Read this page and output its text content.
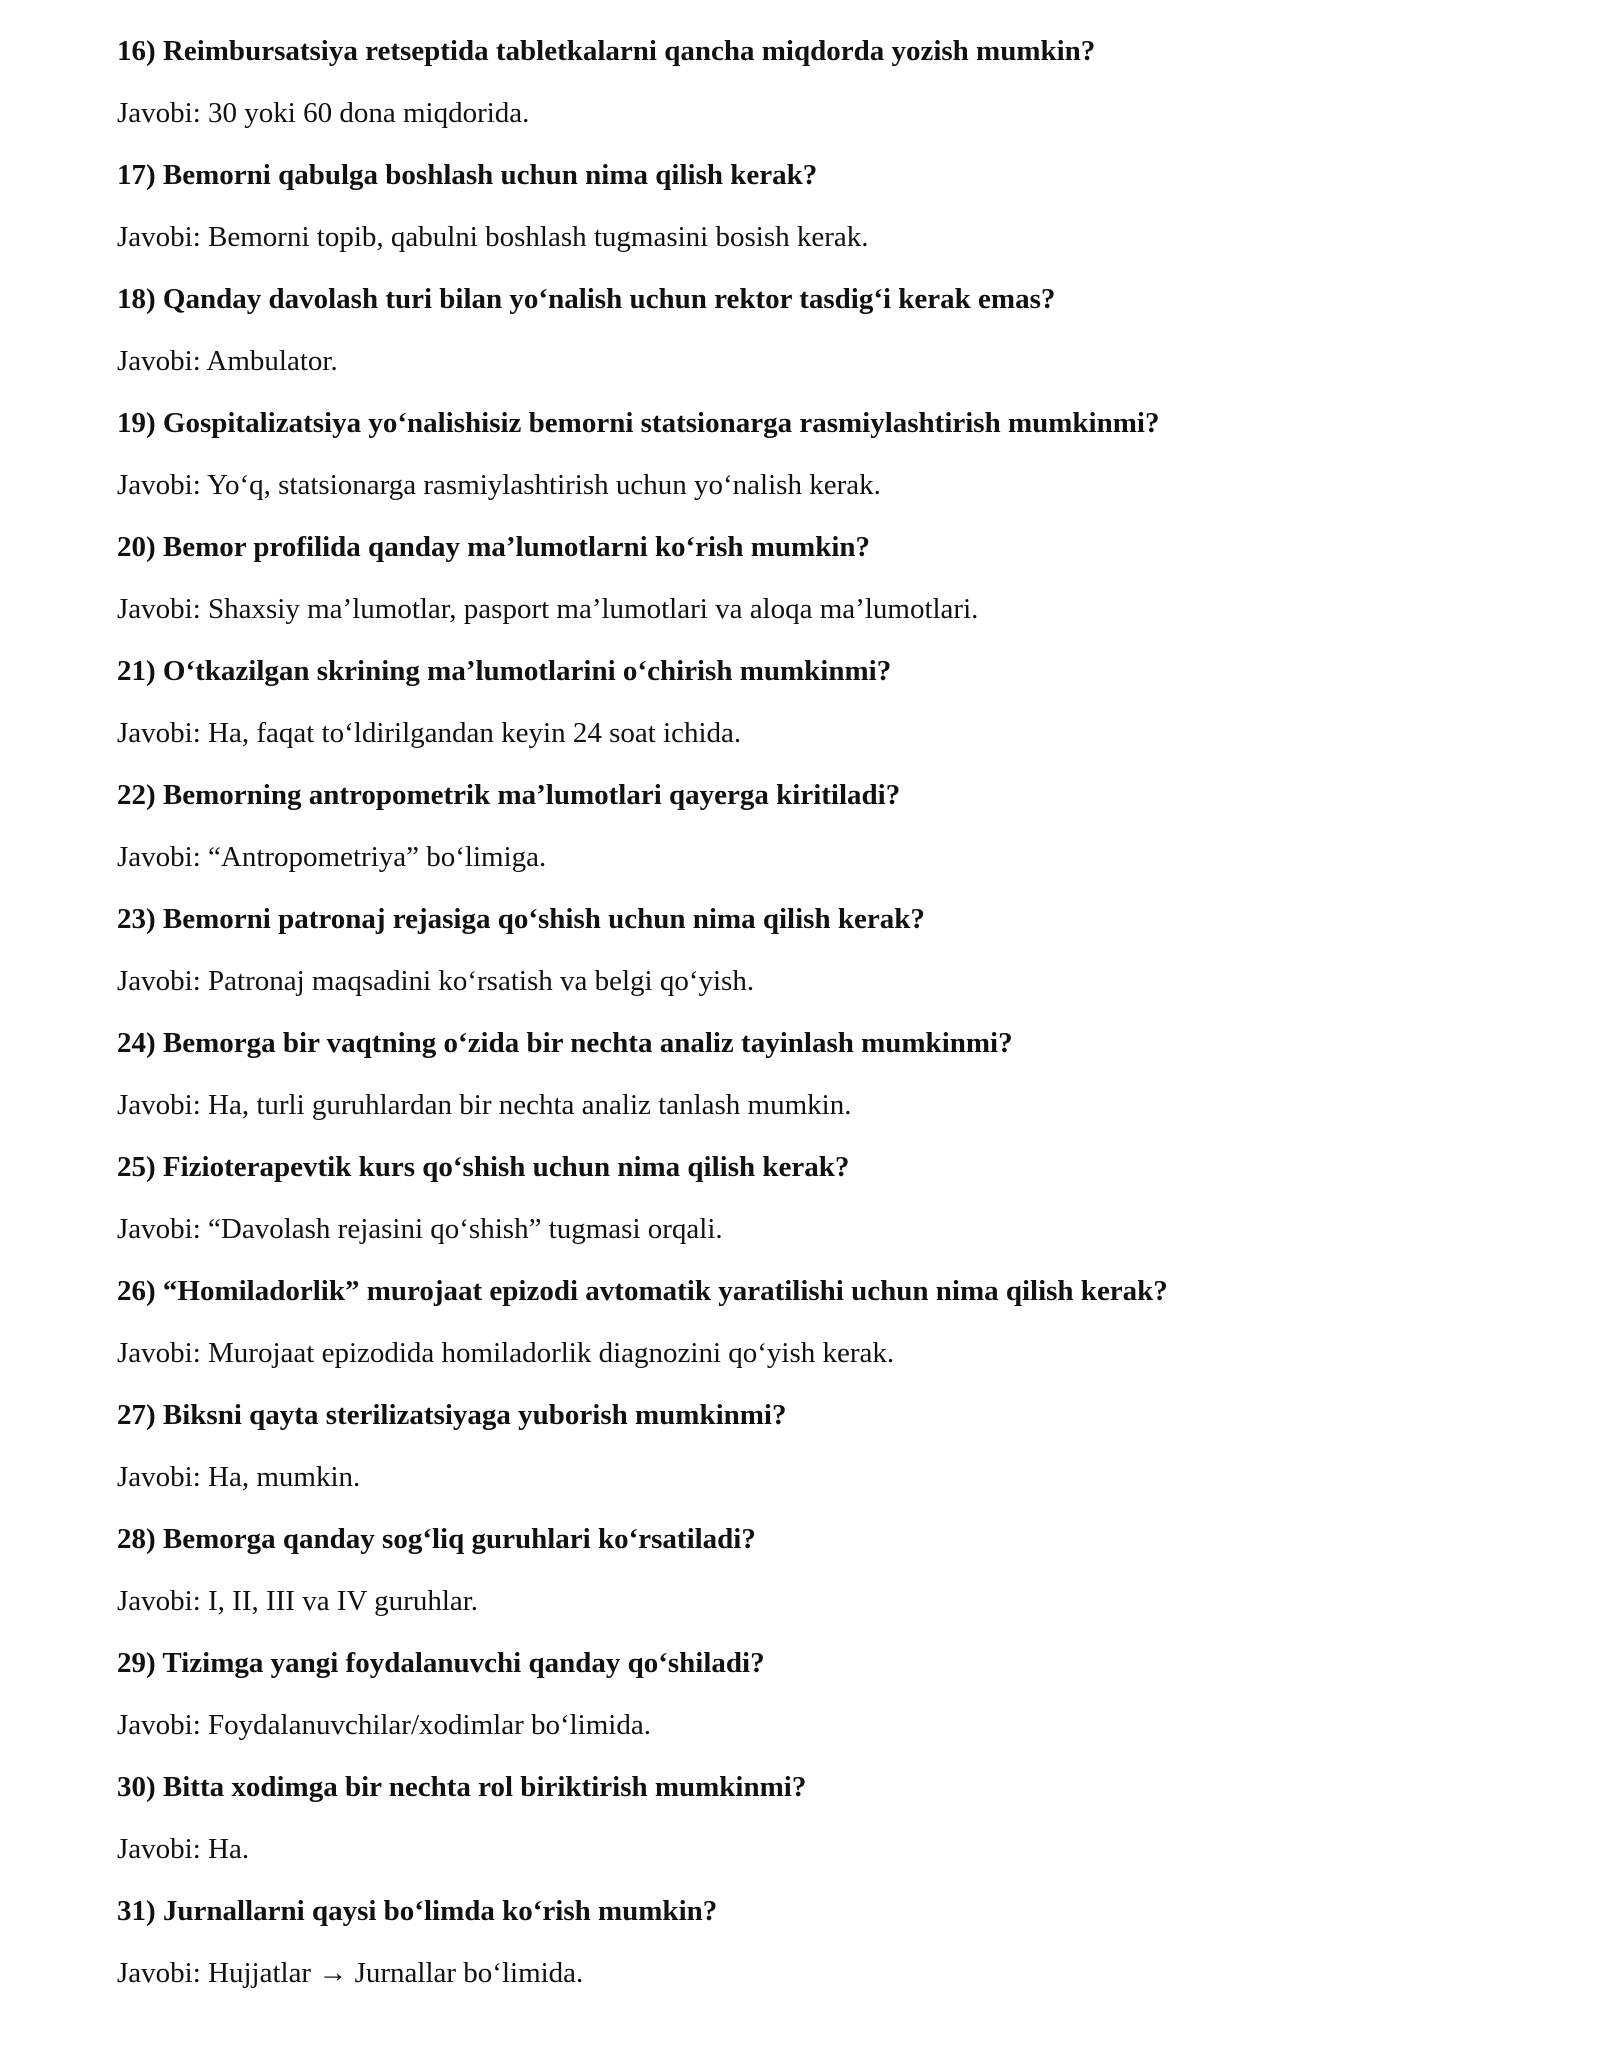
16) Reimbursatsiya retseptida tabletkalarni qancha miqdorda yozish mumkin?

Javobi: 30 yoki 60 dona miqdorida.

17) Bemorni qabulga boshlash uchun nima qilish kerak?

Javobi: Bemorni topib, qabulni boshlash tugmasini bosish kerak.

18) Qanday davolash turi bilan yo‘nalish uchun rektor tasdig‘i kerak emas?

Javobi: Ambulator.

19) Gospitalizatsiya yo‘nalishisiz bemorni statsionarga rasmiylashtirish mumkinmi?

Javobi: Yo‘q, statsionarga rasmiylashtirish uchun yo‘nalish kerak.

20) Bemor profilida qanday ma’lumotlarni ko‘rish mumkin?

Javobi: Shaxsiy ma’lumotlar, pasport ma’lumotlari va aloqa ma’lumotlari.

21) O‘tkazilgan skrining ma’lumotlarini o‘chirish mumkinmi?

Javobi: Ha, faqat to‘ldirilgandan keyin 24 soat ichida.

22) Bemorning antropometrik ma’lumotlari qayerga kiritiladi?

Javobi: “Antropometriya” bo‘limiga.

23) Bemorni patronaj rejasiga qo‘shish uchun nima qilish kerak?

Javobi: Patronaj maqsadini ko‘rsatish va belgi qo‘yish.

24) Bemorga bir vaqtning o‘zida bir nechta analiz tayinlash mumkinmi?

Javobi: Ha, turli guruhlardan bir nechta analiz tanlash mumkin.

25) Fizioterapevtik kurs qo‘shish uchun nima qilish kerak?

Javobi: “Davolash rejasini qo‘shish” tugmasi orqali.

26) “Homiladorlik” murojaat epizodi avtomatik yaratilishi uchun nima qilish kerak?

Javobi: Murojaat epizodida homiladorlik diagnozini qo‘yish kerak.

27) Biksni qayta sterilizatsiyaga yuborish mumkinmi?

Javobi: Ha, mumkin.

28) Bemorga qanday sog‘liq guruhlari ko‘rsatiladi?

Javobi: I, II, III va IV guruhlar.

29) Tizimga yangi foydalanuvchi qanday qo‘shiladi?

Javobi: Foydalanuvchilar/xodimlar bo‘limida.

30) Bitta xodimga bir nechta rol biriktirish mumkinmi?

Javobi: Ha.

31) Jurnallarni qaysi bo‘limda ko‘rish mumkin?

Javobi: Hujjatlar → Jurnallar bo‘limida.
